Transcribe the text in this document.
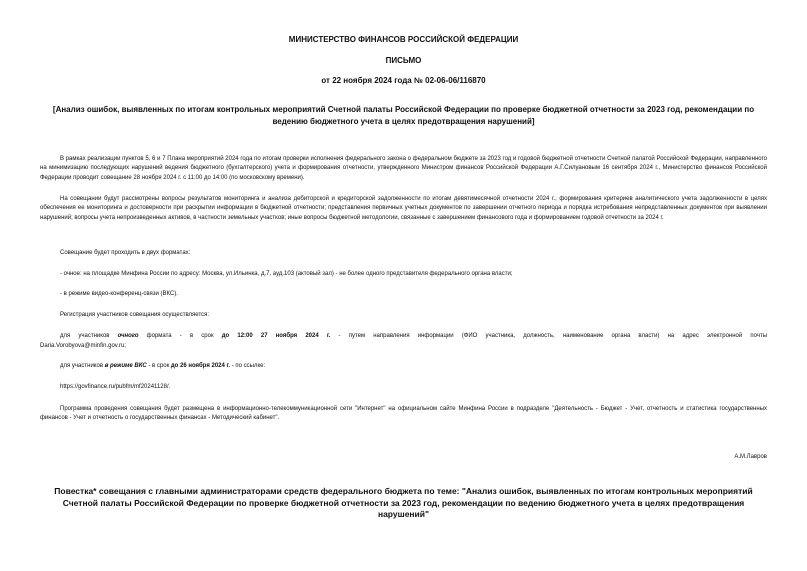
МИНИСТЕРСТВО ФИНАНСОВ РОССИЙСКОЙ ФЕДЕРАЦИИ
ПИСЬМО
от 22 ноября 2024 года № 02-06-06/116870
[Анализ ошибок, выявленных по итогам контрольных мероприятий Счетной палаты Российской Федерации по проверке бюджетной отчетности за 2023 год, рекомендации по ведению бюджетного учета в целях предотвращения нарушений]

В рамках реализации пунктов 5, 6 и 7 Плана мероприятий 2024 года по итогам проверки исполнения федерального закона о федеральном бюджете за 2023 год и годовой бюджетной отчетности Счетной палатой Российской Федерации, направленного на минимизацию последующих нарушений ведения бюджетного (бухгалтерского) учета и формирования отчетности, утвержденного Министром финансов Российской Федерации А.Г.Силуановым 16 сентября 2024 г., Министерство финансов Российской Федерации проводит совещание 28 ноября 2024 г. с 11:00 до 14:00 (по московскому времени).

На совещании будут рассмотрены вопросы результатов мониторинга и анализа дебиторской и кредиторской задолженности по итогам девятимесячной отчетности 2024 г., формирования критериев аналитического учета задолженности в целях обеспечения ее мониторинга и достоверности при раскрытии информации в бюджетной отчетности; представления первичных учетных документов по завершении отчетного периода и порядка истребования непредставленных документов при выявлении нарушений; вопросы учета непроизведенных активов, в частности земельных участков; иные вопросы бюджетной методологии, связанные с завершением финансового года и формированием годовой отчетности за 2024 г.

Совещание будет проходить в двух форматах:

- очное: на площадке Минфина России по адресу: Москва, ул.Ильинка, д.7, ауд.103 (актовый зал) - не более одного представителя федерального органа власти;

- в режиме видео-конференц-связи (ВКС).

Регистрация участников совещания осуществляется:

для участников очного формата - в срок до 12:00 27 ноября 2024 г. - путем направления информации (ФИО участника, должность, наименование органа власти) на адрес электронной почты

Daria.Vorobyova@minfin.gov.ru;

для участников в режиме ВКС - в срок до 26 ноября 2024 г. - по ссылке:

https://govfinance.ru/pubfm/mf20241128/.

Программа проведения совещания будет размещена в информационно-телекоммуникационной сети "Интернет" на официальном сайте Минфина России в подразделе "Деятельность - Бюджет - Учет, отчетность и статистика государственных финансов - Учет и отчетность о государственных финансах - Методический кабинет".

А.М.Лавров
Повестка* совещания с главными администраторами средств федерального бюджета по теме: "Анализ ошибок, выявленных по итогам контрольных мероприятий Счетной палаты Российской Федерации по проверке бюджетной отчетности за 2023 год, рекомендации по ведению бюджетного учета в целях предотвращения нарушений"
